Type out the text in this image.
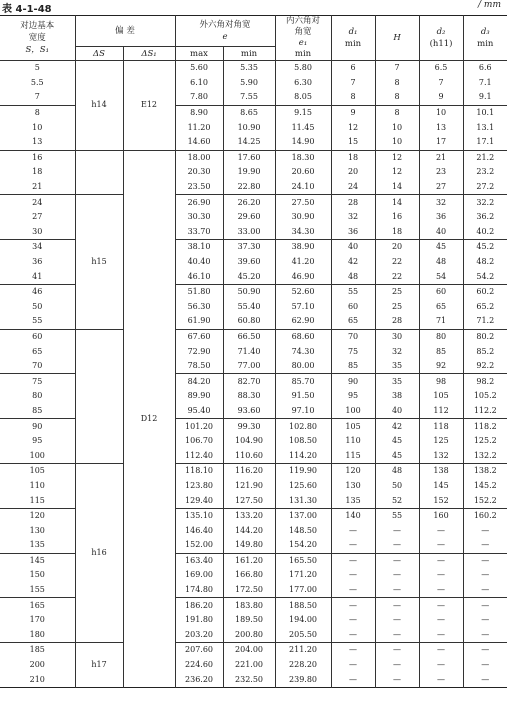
表 4-1-48	/ mm
对边基本
宽度
S，S₁	偏 差		外六角对角宽
e		内六角对
角宽
e₁
min	d₁
min	H	d₂
(h11)	d₃
min
	ΔS	ΔS₁	max	min					
5	h14	E12	5.60	5.35	5.80	6	7	6.5	6.6
5.5			6.10	5.90	6.30	7	8	7	7.1
7			7.80	7.55	8.05	8	8	9	9.1
8			8.90	8.65	9.15	9	8	10	10.1
10			11.20	10.90	11.45	12	10	13	13.1
13			14.60	14.25	14.90	15	10	17	17.1
16		D12	18.00	17.60	18.30	18	12	21	21.2
18			20.30	19.90	20.60	20	12	23	23.2
21			23.50	22.80	24.10	24	14	27	27.2
24	h15		26.90	26.20	27.50	28	14	32	32.2
27			30.30	29.60	30.90	32	16	36	36.2
30			33.70	33.00	34.30	36	18	40	40.2
34			38.10	37.30	38.90	40	20	45	45.2
36			40.40	39.60	41.20	42	22	48	48.2
41			46.10	45.20	46.90	48	22	54	54.2
46			51.80	50.90	52.60	55	25	60	60.2
50			56.30	55.40	57.10	60	25	65	65.2
55			61.90	60.80	62.90	65	28	71	71.2
60			67.60	66.50	68.60	70	30	80	80.2
65			72.90	71.40	74.30	75	32	85	85.2
70			78.50	77.00	80.00	85	35	92	92.2
75			84.20	82.70	85.70	90	35	98	98.2
80			89.90	88.30	91.50	95	38	105	105.2
85			95.40	93.60	97.10	100	40	112	112.2
90			101.20	99.30	102.80	105	42	118	118.2
95			106.70	104.90	108.50	110	45	125	125.2
100			112.40	110.60	114.20	115	45	132	132.2
105	h16		118.10	116.20	119.90	120	48	138	138.2
110			123.80	121.90	125.60	130	50	145	145.2
115			129.40	127.50	131.30	135	52	152	152.2
120			135.10	133.20	137.00	140	55	160	160.2
130			146.40	144.20	148.50	—	—	—	—
135			152.00	149.80	154.20	—	—	—	—
145			163.40	161.20	165.50	—	—	—	—
150			169.00	166.80	171.20	—	—	—	—
155			174.80	172.50	177.00	—	—	—	—
165			186.20	183.80	188.50	—	—	—	—
170			191.80	189.50	194.00	—	—	—	—
180			203.20	200.80	205.50	—	—	—	—
185	h17		207.60	204.00	211.20	—	—	—	—
200			224.60	221.00	228.20	—	—	—	—
210			236.20	232.50	239.80	—	—	—	—
